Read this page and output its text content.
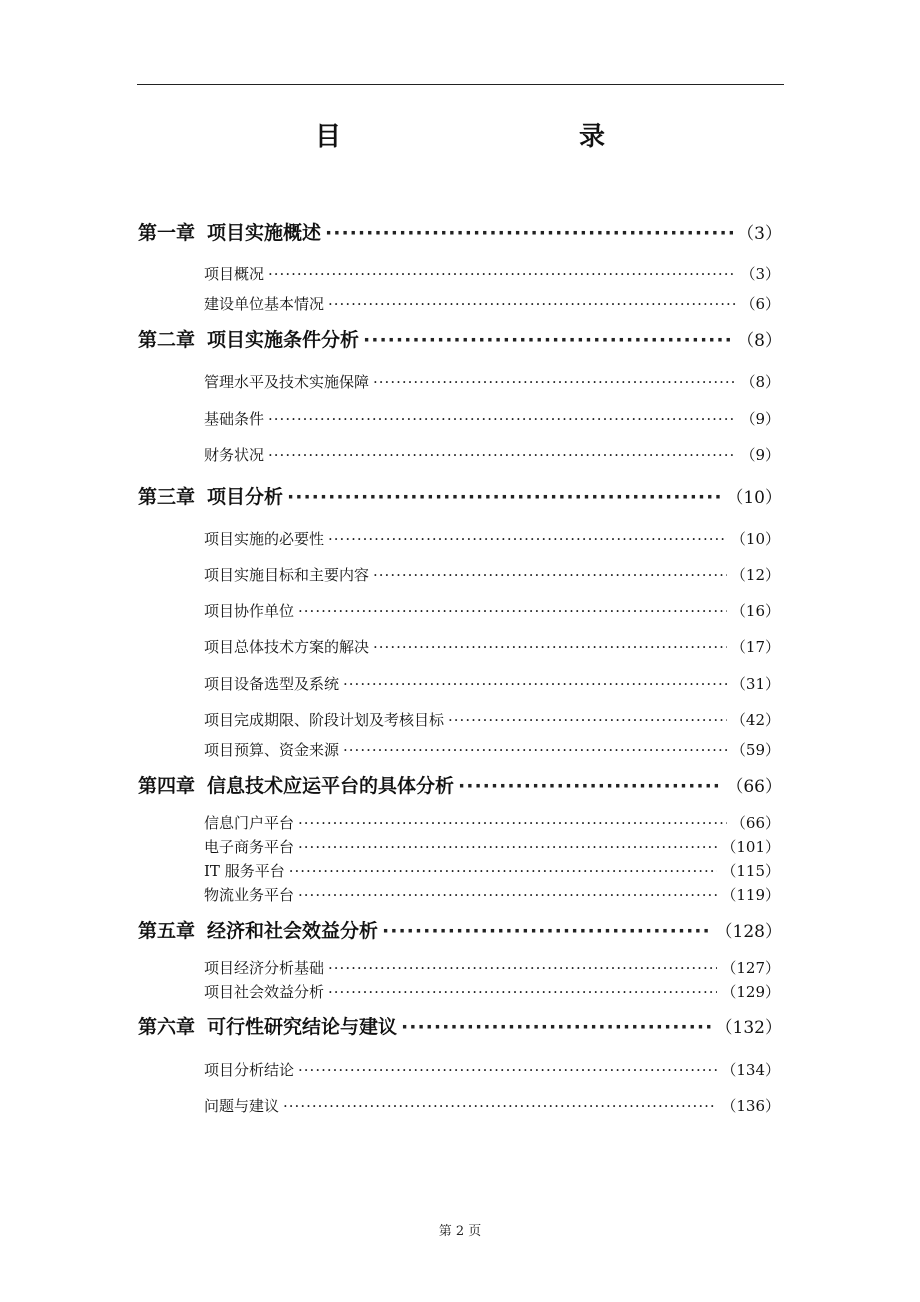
目　　录
第一章 项目实施概述 ·····	（3）
项目概况 ·····	（3）
建设单位基本情况 ·····	（6）
第二章 项目实施条件分析 ·····	（8）
管理水平及技术实施保障 ·····	（8）
基础条件 ·····	（9）
财务状况 ·····	（9）
第三章 项目分析 ·····	（10）
项目实施的必要性 ·····	（10）
项目实施目标和主要内容 ·····	（12）
项目协作单位 ·····	（16）
项目总体技术方案的解决 ·····	（17）
项目设备选型及系统 ·····	（31）
项目完成期限、阶段计划及考核目标 ·····	（42）
项目预算、资金来源 ·····	（59）
第四章 信息技术应运平台的具体分析 ·····	（66）
信息门户平台 ·····	（66）
电子商务平台 ·····	（101）
IT 服务平台 ·····	（115）
物流业务平台 ·····	（119）
第五章 经济和社会效益分析 ·····	（128）
项目经济分析基础 ·····	（127）
项目社会效益分析 ·····	（129）
第六章 可行性研究结论与建议 ·····	（132）
项目分析结论 ·····	（134）
问题与建议 ·····	（136）
第 2 页
